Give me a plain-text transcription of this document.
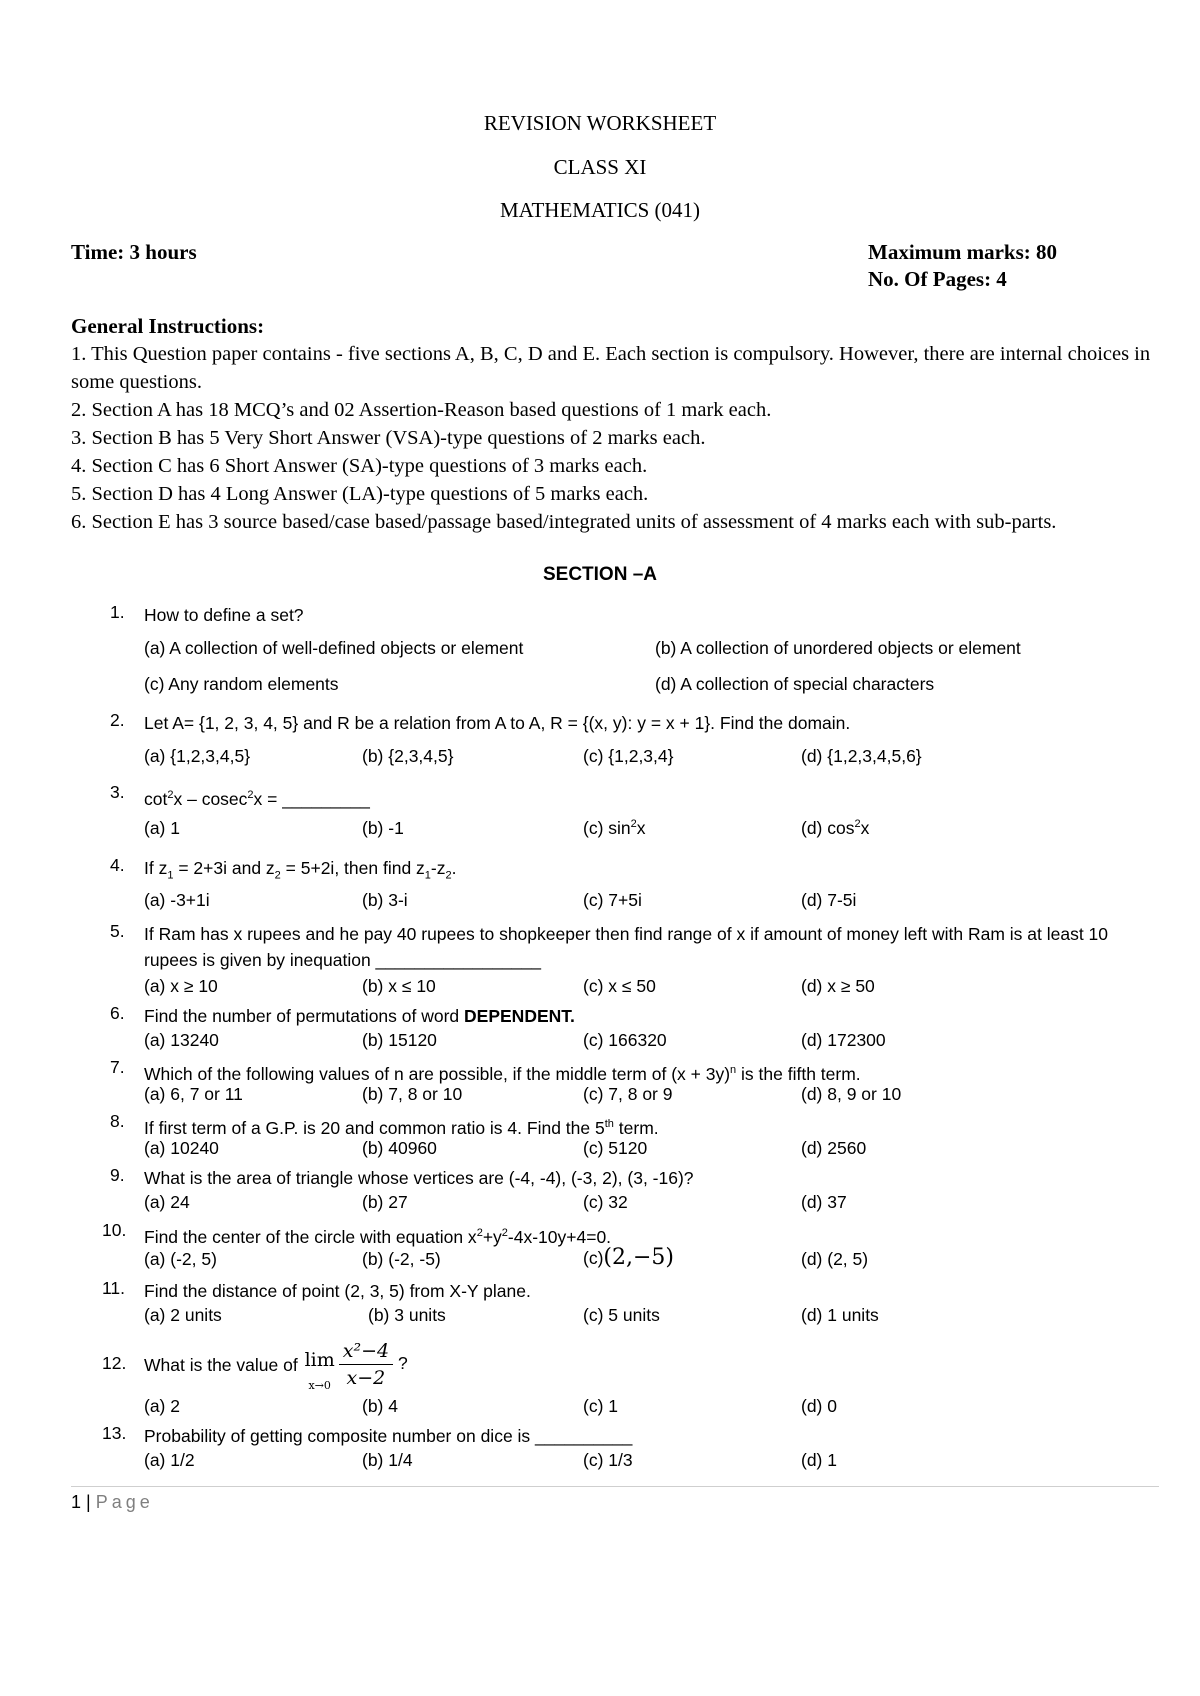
REVISION WORKSHEET
CLASS XI
MATHEMATICS (041)
Time: 3 hours	Maximum marks: 80
No. Of Pages: 4
General Instructions:
1. This Question paper contains - five sections A, B, C, D and E. Each section is compulsory. However, there are internal choices in some questions.
2. Section A has 18 MCQ’s and 02 Assertion-Reason based questions of 1 mark each.
3. Section B has 5 Very Short Answer (VSA)-type questions of 2 marks each.
4. Section C has 6 Short Answer (SA)-type questions of 3 marks each.
5. Section D has 4 Long Answer (LA)-type questions of 5 marks each.
6. Section E has 3 source based/case based/passage based/integrated units of assessment of 4 marks each with sub-parts.
SECTION –A
1. How to define a set?
(a) A collection of well-defined objects or element	(b) A collection of unordered objects or element
(c) Any random elements	(d) A collection of special characters
2. Let A= {1, 2, 3, 4, 5} and R be a relation from A to A, R = {(x, y): y = x + 1}. Find the domain.
(a) {1,2,3,4,5}	(b) {2,3,4,5}	(c) {1,2,3,4}	(d) {1,2,3,4,5,6}
3. $\cot^2x - cosec^2x$ = _________
(a) 1	(b) -1	(c) $\sin^2x$	(d) $\cos^2x$
4. If $z_1 = 2+3i$ and $z_2 = 5+2i$, then find $z_1-z_2$.
(a) -3+1i	(b) 3-i	(c) 7+5i	(d) 7-5i
5. If Ram has x rupees and he pay 40 rupees to shopkeeper then find range of x if amount of money left with Ram is at least 10 rupees is given by inequation _________________
(a) x ≥ 10	(b) x ≤ 10	(c) x ≤ 50	(d) x ≥ 50
6. Find the number of permutations of word DEPENDENT.
(a) 13240	(b) 15120	(c) 166320	(d) 172300
7. Which of the following values of n are possible, if the middle term of $(x + 3y)^n$ is the fifth term.
(a) 6, 7 or 11	(b) 7, 8 or 10	(c) 7, 8 or 9	(d) 8, 9 or 10
8. If first term of a G.P. is 20 and common ratio is 4. Find the 5th term.
(a) 10240	(b) 40960	(c) 5120	(d) 2560
9. What is the area of triangle whose vertices are (-4, -4), (-3, 2), (3, -16)?
(a) 24	(b) 27	(c) 32	(d) 37
10. Find the center of the circle with equation $x^2+y^2-4x-10y+4=0$.
(a) (-2, 5)	(b) (-2, -5)	(c)(2,−5)	(d) (2, 5)
11. Find the distance of point (2, 3, 5) from X-Y plane.
(a) 2 units	(b) 3 units	(c) 5 units	(d) 1 units
12. What is the value of lim
$x\to 0 \frac{\text{x²−4}}{x-2}$ ?
(a) 2	(b) 4	(c) 1	(d) 0
13. Probability of getting composite number on dice is __________
(a) 1/2	(b) 1/4	(c) 1/3	(d) 1
1 | Page
